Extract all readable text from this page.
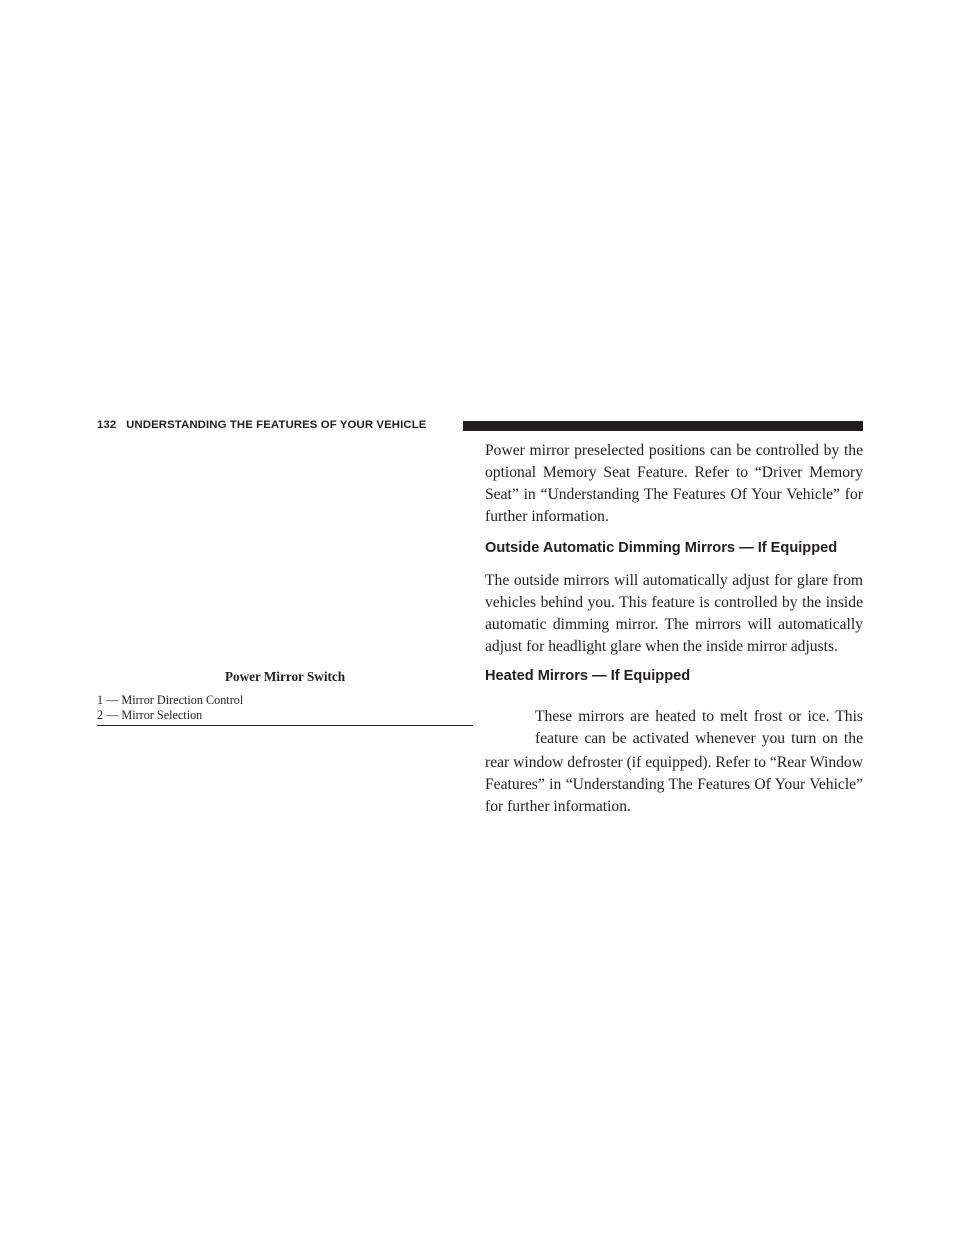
132 UNDERSTANDING THE FEATURES OF YOUR VEHICLE
Power Mirror Switch
1 — Mirror Direction Control
2 — Mirror Selection

Power mirror preselected positions can be controlled by the optional Memory Seat Feature. Refer to “Driver Memory Seat” in “Understanding The Features Of Your Vehicle” for further information.

Outside Automatic Dimming Mirrors — If Equipped

The outside mirrors will automatically adjust for glare from vehicles behind you. This feature is controlled by the inside automatic dimming mirror. The mirrors will automatically adjust for headlight glare when the inside mirror adjusts.

Heated Mirrors — If Equipped

These mirrors are heated to melt frost or ice. This feature can be activated whenever you turn on the

rear window defroster (if equipped). Refer to “Rear Window Features” in “Understanding The Features Of Your Vehicle” for further information.
